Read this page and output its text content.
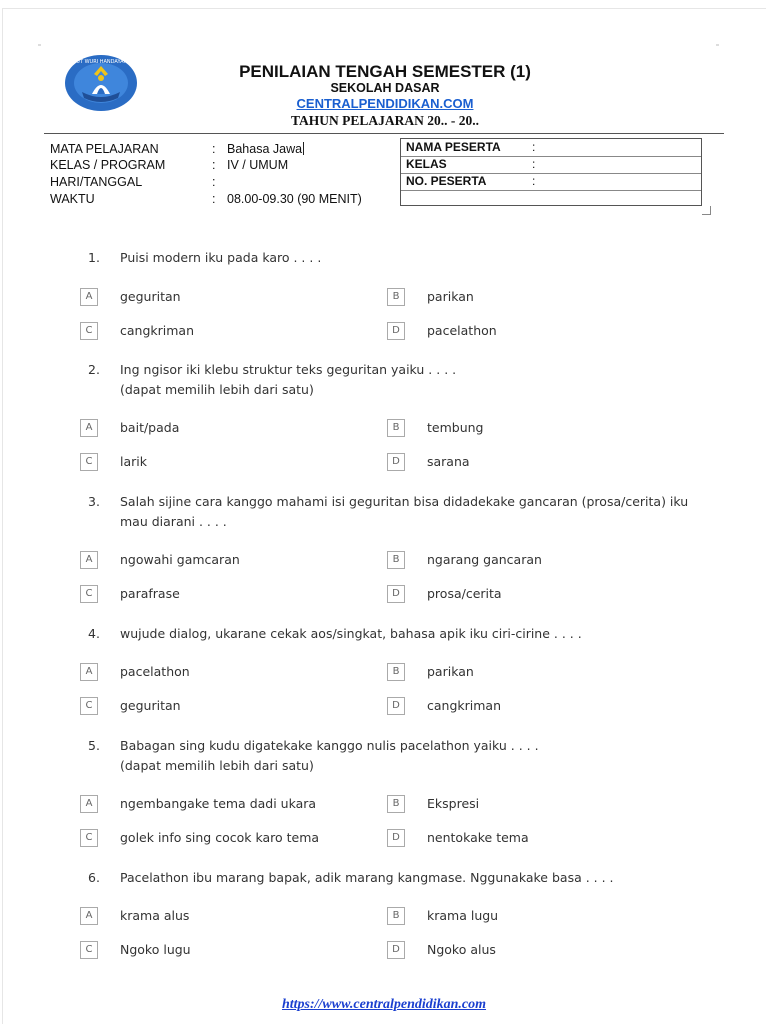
TUT WURI HANDAYANI	PENILAIAN TENGAH SEMESTER (1)
SEKOLAH DASAR
CENTRALPENDIDIKAN.COM
TAHUN PELAJARAN 20.. - 20..
MATA PELAJARAN	: Bahasa Jawa
KELAS / PROGRAM	: IV / UMUM
HARI/TANGGAL	:
WAKTU	: 08.00-09.30 (90 MENIT)
NAMA PESERTA	:
KELAS	:
NO. PESERTA	:
1. Puisi modern iku pada karo . . . .
A	geguritan	B	parikan
C	cangkriman	D	pacelathon
2. Ing ngisor iki klebu struktur teks geguritan yaiku . . . .
(dapat memilih lebih dari satu)
A	bait/pada	B	tembung
C	larik	D	sarana
3. Salah sijine cara kanggo mahami isi geguritan bisa didadekake gancaran (prosa/cerita) iku
mau diarani . . . .
A	ngowahi gamcaran	B	ngarang gancaran
C	parafrase	D	prosa/cerita
4. wujude dialog, ukarane cekak aos/singkat, bahasa apik iku ciri-cirine . . . .
A	pacelathon	B	parikan
C	geguritan	D	cangkriman
5. Babagan sing kudu digatekake kanggo nulis pacelathon yaiku . . . .
(dapat memilih lebih dari satu)
A	ngembangake tema dadi ukara	B	Ekspresi
C	golek info sing cocok karo tema	D	nentokake tema
6. Pacelathon ibu marang bapak, adik marang kangmase. Nggunakake basa . . . .
A	krama alus	B	krama lugu
C	Ngoko lugu	D	Ngoko alus
https://www.centralpendidikan.com
